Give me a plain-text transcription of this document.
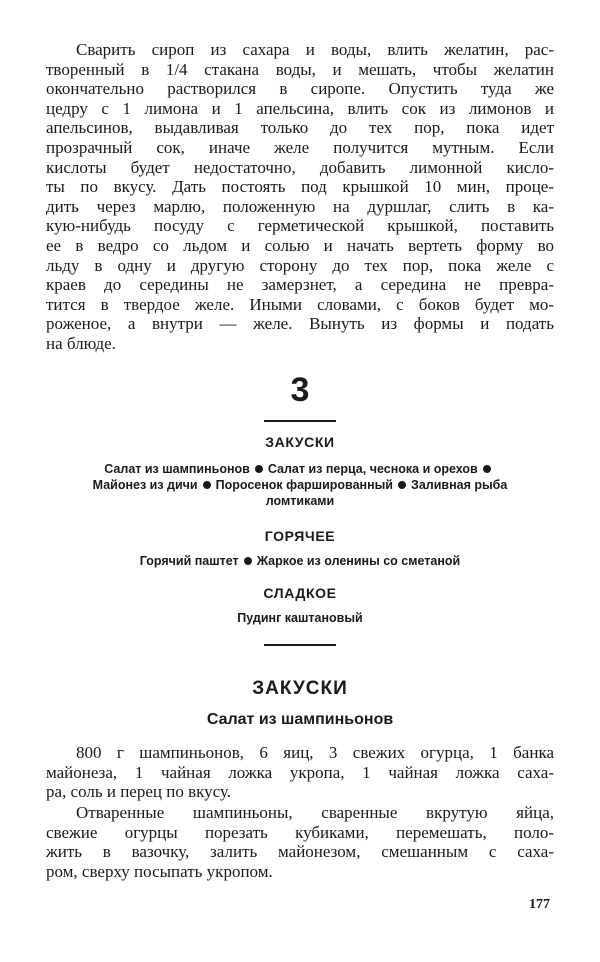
Сварить сироп из сахара и воды, влить желатин, рас-
творенный в 1/4 стакана воды, и мешать, чтобы желатин
окончательно растворился в сиропе. Опустить туда же
цедру с 1 лимона и 1 апельсина, влить сок из лимонов и
апельсинов, выдавливая только до тех пор, пока идет
прозрачный сок, иначе желе получится мутным. Если
кислоты будет недостаточно, добавить лимонной кисло-
ты по вкусу. Дать постоять под крышкой 10 мин, проце-
дить через марлю, положенную на дуршлаг, слить в ка-
кую-нибудь посуду с герметической крышкой, поставить
ее в ведро со льдом и солью и начать вертеть форму во
льду в одну и другую сторону до тех пор, пока желе с
краев до середины не замерзнет, а середина не превра-
тится в твердое желе. Иными словами, с боков будет мо-
роженое, а внутри — желе. Вынуть из формы и подать
на блюде.
3
ЗАКУСКИ
Салат из шампиньонов Салат из перца, чеснока и орехов
Майонез из дичи Поросенок фаршированный Заливная рыба
ломтиками
ГОРЯЧЕЕ
Горячий паштет Жаркое из оленины со сметаной
СЛАДКОЕ
Пудинг каштановый
ЗАКУСКИ
Салат из шампиньонов
800 г шампиньонов, 6 яиц, 3 свежих огурца, 1 банка
майонеза, 1 чайная ложка укропа, 1 чайная ложка саха-
ра, соль и перец по вкусу.
Отваренные шампиньоны, сваренные вкрутую яйца,
свежие огурцы порезать кубиками, перемешать, поло-
жить в вазочку, залить майонезом, смешанным с саха-
ром, сверху посыпать укропом.
177
